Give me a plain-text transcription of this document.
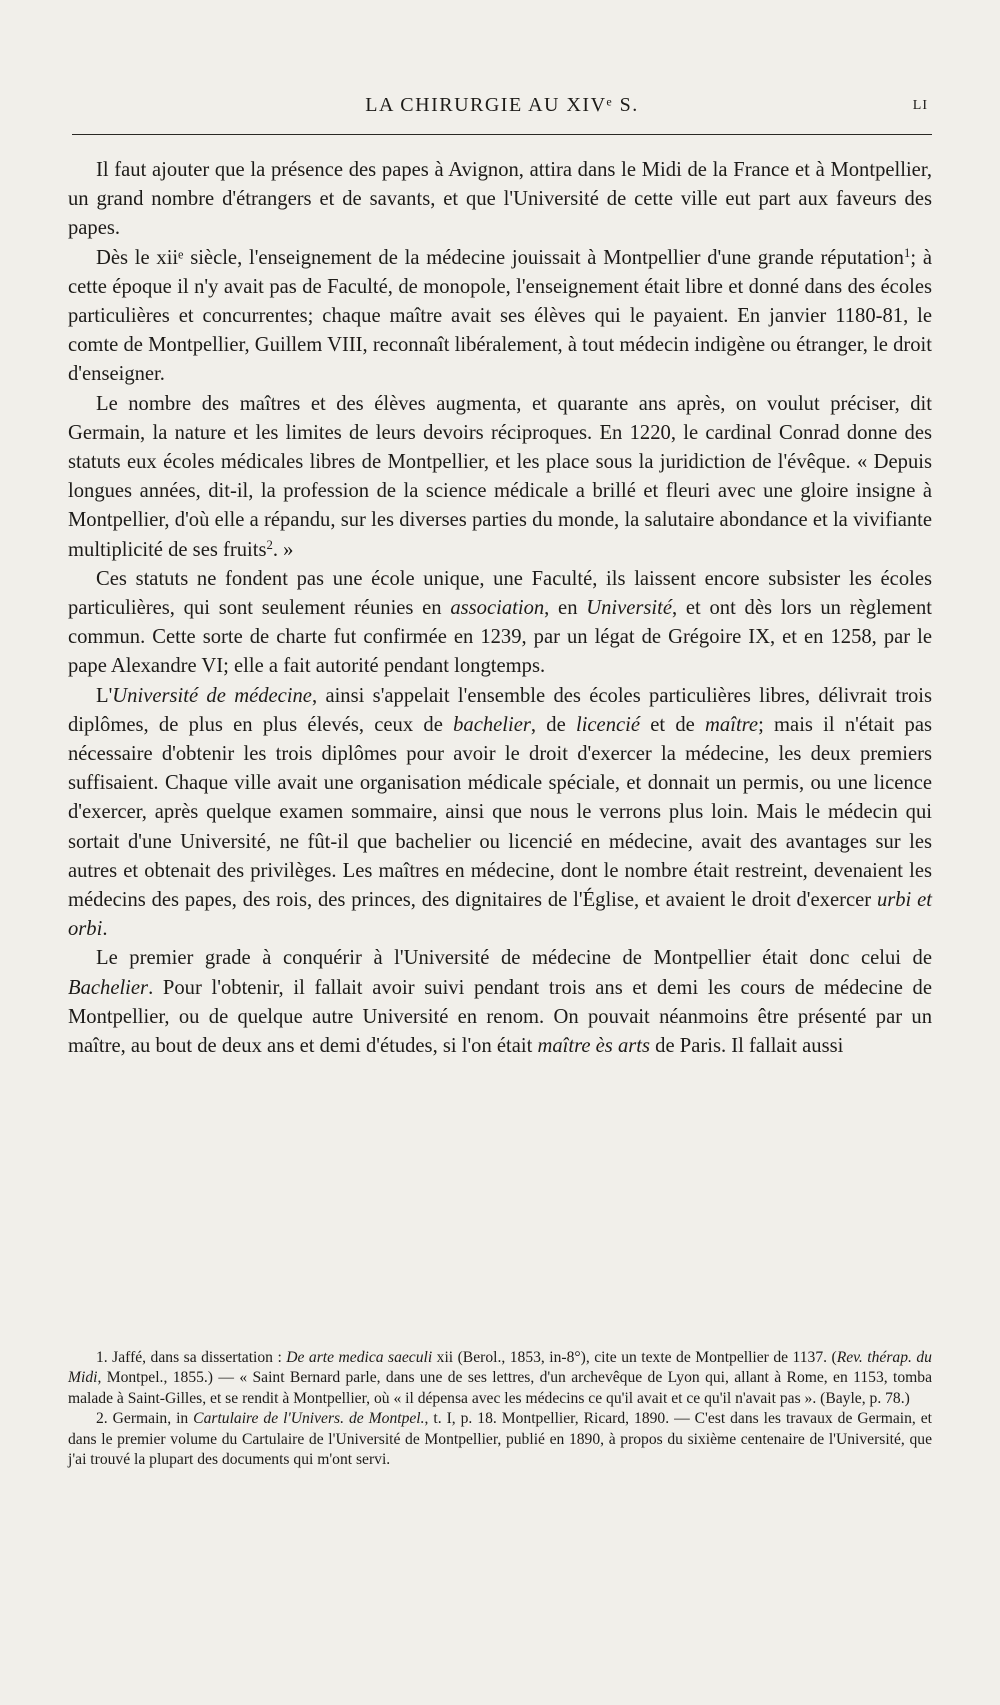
LA CHIRURGIE AU XIVᵉ S.	LI

Il faut ajouter que la présence des papes à Avignon, attira dans le Midi de la France et à Montpellier, un grand nombre d'étrangers et de savants, et que l'Université de cette ville eut part aux faveurs des papes.

Dès le xiiᵉ siècle, l'enseignement de la médecine jouissait à Montpellier d'une grande réputation$^1$; à cette époque il n'y avait pas de Faculté, de monopole, l'enseignement était libre et donné dans des écoles particulières et concurrentes; chaque maître avait ses élèves qui le payaient. En janvier 1180-81, le comte de Montpellier, Guillem VIII, reconnaît libéralement, à tout médecin indigène ou étranger, le droit d'enseigner.

Le nombre des maîtres et des élèves augmenta, et quarante ans après, on voulut préciser, dit Germain, la nature et les limites de leurs devoirs réciproques. En 1220, le cardinal Conrad donne des statuts eux écoles médicales libres de Montpellier, et les place sous la juridiction de l'évêque. « Depuis longues années, dit-il, la profession de la science médicale a brillé et fleuri avec une gloire insigne à Montpellier, d'où elle a répandu, sur les diverses parties du monde, la salutaire abondance et la vivifiante multiplicité de ses fruits$^2$. »

Ces statuts ne fondent pas une école unique, une Faculté, ils laissent encore subsister les écoles particulières, qui sont seulement réunies en association, en Université, et ont dès lors un règlement commun. Cette sorte de charte fut confirmée en 1239, par un légat de Grégoire IX, et en 1258, par le pape Alexandre VI; elle a fait autorité pendant longtemps.

L'Université de médecine, ainsi s'appelait l'ensemble des écoles particulières libres, délivrait trois diplômes, de plus en plus élevés, ceux de bachelier, de licencié et de maître; mais il n'était pas nécessaire d'obtenir les trois diplômes pour avoir le droit d'exercer la médecine, les deux premiers suffisaient. Chaque ville avait une organisation médicale spéciale, et donnait un permis, ou une licence d'exercer, après quelque examen sommaire, ainsi que nous le verrons plus loin. Mais le médecin qui sortait d'une Université, ne fût-il que bachelier ou licencié en médecine, avait des avantages sur les autres et obtenait des privilèges. Les maîtres en médecine, dont le nombre était restreint, devenaient les médecins des papes, des rois, des princes, des dignitaires de l'Église, et avaient le droit d'exercer urbi et orbi.

Le premier grade à conquérir à l'Université de médecine de Montpellier était donc celui de Bachelier. Pour l'obtenir, il fallait avoir suivi pendant trois ans et demi les cours de médecine de Montpellier, ou de quelque autre Université en renom. On pouvait néanmoins être présenté par un maître, au bout de deux ans et demi d'études, si l'on était maître ès arts de Paris. Il fallait aussi

1. Jaffé, dans sa dissertation : De arte medica saeculi xii (Berol., 1853, in-8°), cite un texte de Montpellier de 1137. (Rev. thérap. du Midi, Montpel., 1855.) — « Saint Bernard parle, dans une de ses lettres, d'un archevêque de Lyon qui, allant à Rome, en 1153, tomba malade à Saint-Gilles, et se rendit à Montpellier, où « il dépensa avec les médecins ce qu'il avait et ce qu'il n'avait pas ». (Bayle, p. 78.)

2. Germain, in Cartulaire de l'Univers. de Montpel., t. I, p. 18. Montpellier, Ricard, 1890. — C'est dans les travaux de Germain, et dans le premier volume du Cartulaire de l'Université de Montpellier, publié en 1890, à propos du sixième centenaire de l'Université, que j'ai trouvé la plupart des documents qui m'ont servi.
